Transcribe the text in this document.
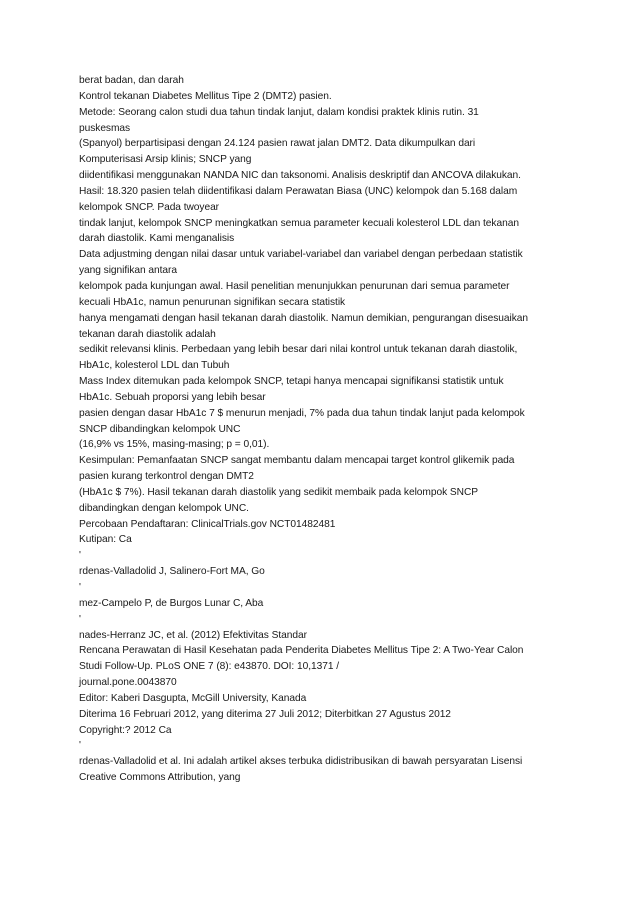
berat badan, dan darah
Kontrol tekanan Diabetes Mellitus Tipe 2 (DMT2) pasien.
Metode: Seorang calon studi dua tahun tindak lanjut, dalam kondisi praktek klinis rutin. 31
puskesmas
(Spanyol) berpartisipasi dengan 24.124 pasien rawat jalan DMT2. Data dikumpulkan dari
Komputerisasi Arsip klinis; SNCP yang
diidentifikasi menggunakan NANDA NIC dan taksonomi. Analisis deskriptif dan ANCOVA dilakukan.
Hasil: 18.320 pasien telah diidentifikasi dalam Perawatan Biasa (UNC) kelompok dan 5.168 dalam
kelompok SNCP. Pada twoyear
tindak lanjut, kelompok SNCP meningkatkan semua parameter kecuali kolesterol LDL dan tekanan
darah diastolik. Kami menganalisis
Data adjustming dengan nilai dasar untuk variabel-variabel dan variabel dengan perbedaan statistik
yang signifikan antara
kelompok pada kunjungan awal. Hasil penelitian menunjukkan penurunan dari semua parameter
kecuali HbA1c, namun penurunan signifikan secara statistik
hanya mengamati dengan hasil tekanan darah diastolik. Namun demikian, pengurangan disesuaikan
tekanan darah diastolik adalah
sedikit relevansi klinis. Perbedaan yang lebih besar dari nilai kontrol untuk tekanan darah diastolik,
HbA1c, kolesterol LDL dan Tubuh
Mass Index ditemukan pada kelompok SNCP, tetapi hanya mencapai signifikansi statistik untuk
HbA1c. Sebuah proporsi yang lebih besar
pasien dengan dasar HbA1c 7 $ menurun menjadi, 7% pada dua tahun tindak lanjut pada kelompok
SNCP dibandingkan kelompok UNC
(16,9% vs 15%, masing-masing; p = 0,01).
Kesimpulan: Pemanfaatan SNCP sangat membantu dalam mencapai target kontrol glikemik pada
pasien kurang terkontrol dengan DMT2
(HbA1c $ 7%). Hasil tekanan darah diastolik yang sedikit membaik pada kelompok SNCP
dibandingkan dengan kelompok UNC.
Percobaan Pendaftaran: ClinicalTrials.gov NCT01482481
Kutipan: Ca
'
rdenas-Valladolid J, Salinero-Fort MA, Go
'
mez-Campelo P, de Burgos Lunar C, Aba
'
nades-Herranz JC, et al. (2012) Efektivitas Standar
Rencana Perawatan di Hasil Kesehatan pada Penderita Diabetes Mellitus Tipe 2: A Two-Year Calon
Studi Follow-Up. PLoS ONE 7 (8): e43870. DOI: 10,1371 /
journal.pone.0043870
Editor: Kaberi Dasgupta, McGill University, Kanada
Diterima 16 Februari 2012, yang diterima 27 Juli 2012; Diterbitkan 27 Agustus 2012
Copyright:? 2012 Ca
'
rdenas-Valladolid et al. Ini adalah artikel akses terbuka didistribusikan di bawah persyaratan Lisensi
Creative Commons Attribution, yang
